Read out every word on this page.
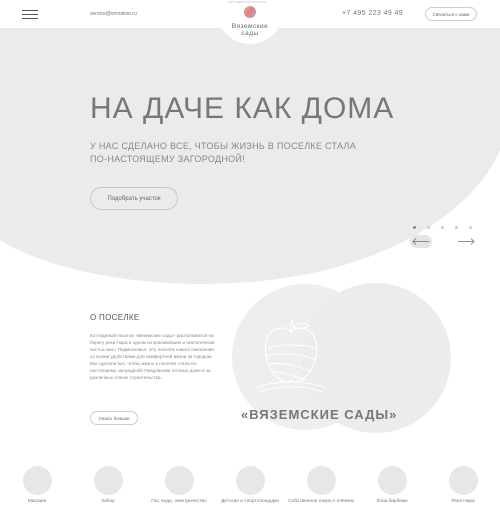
НА ДАЧЕ КАК ДОМА
У НАС СДЕЛАНО ВСЕ, ЧТОБЫ ЖИЗНЬ В ПОСЕЛКЕ СТАЛА ПО-НАСТОЯЩЕМУ ЗАГОРОДНОЙ!
Подобрать участок
service@vmnative.ru	+7 495 223 49 49	Связаться с нами
коттеджный поселок
Вяземские
сады
О ПОСЕЛКЕ

Коттеджный поселок «Вяземские сады» расположился на берегу река Нара в одном из красивейших и экологически чистых мест Подмосковья. Эту поселок нового поколения со всеми удобствами для комфортной жизни за городом. Мы сделали все, чтобы жизнь в поселке стала по-настоящему загородной! Предлагаем готовые дома и за различных этапах строительства.

Узнать больше	«ВЯЗЕМСКИЕ САДЫ»
Магазин	Забор	Газ, вода, электричество	Детская и спортплощадки	Собственное озеро с пляжем	Зона барбекю	Река Нара
